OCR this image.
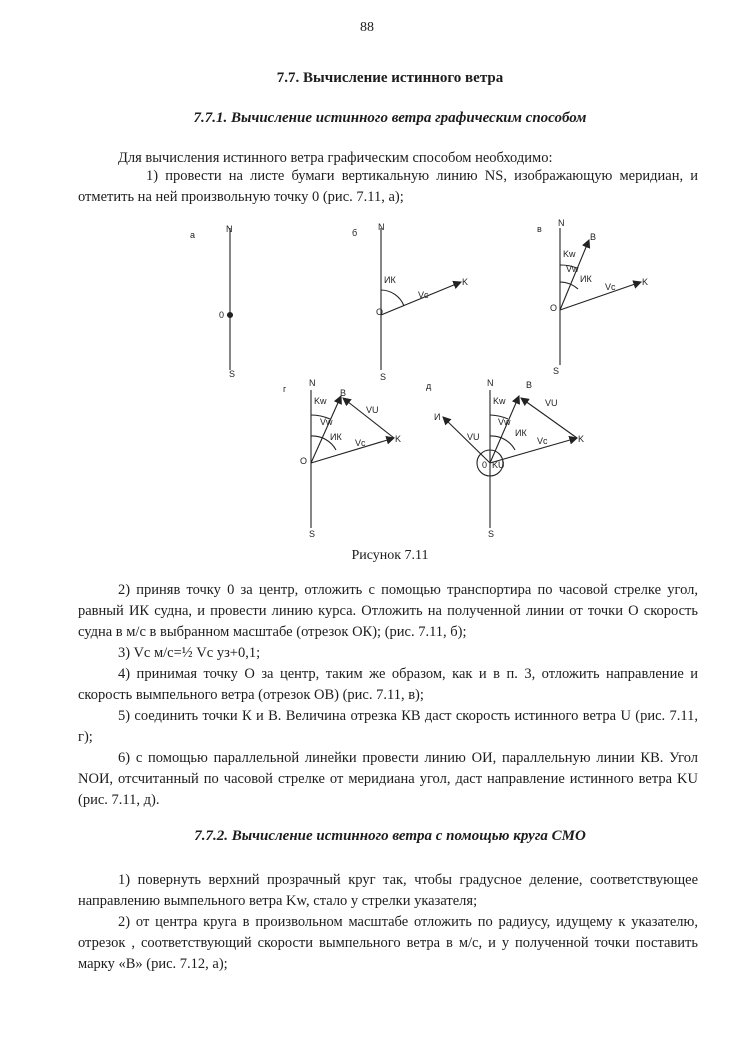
88
7.7. Вычисление истинного ветра
7.7.1. Вычисление истинного ветра графическим способом

Для вычисления истинного ветра графическим способом необходимо:

1) провести на листе бумаги вертикальную линию NS, изображающую меридиан, и отметить на ней произвольную точку 0 (рис. 7.11, а);

а
N
0
S
б
N
ИК
Vс
K
O
S
в
N
B
Kw
Vw
ИК
Vс	K
O
S
г
N
B
Kw
VU
Vw
ИК
Vс	K
O
S
д	N	B
И
Kw	VU
Vw
ИК
VU	Vс	K
0 KU
S
Рисунок 7.11

2) приняв точку 0 за центр, отложить с помощью транспортира по часовой стрелке угол, равный ИК судна, и провести линию курса. Отложить на полученной линии от точки О скорость судна в м/с в выбранном масштабе (отрезок ОК); (рис. 7.11, б);

3) Vc м/с=½ Vc уз+0,1;

4) принимая точку О за центр, таким же образом, как и в п. 3, отложить направление и скорость вымпельного ветра (отрезок ОВ) (рис. 7.11, в);

5) соединить точки К и В. Величина отрезка КВ даст скорость истинного ветра U (рис. 7.11, г);

6) с помощью параллельной линейки провести линию ОИ, параллельную линии КВ. Угол NOИ, отсчитанный по часовой стрелке от меридиана угол, даст направление истинного ветра KU (рис. 7.11, д).

7.7.2. Вычисление истинного ветра с помощью круга СМО

1) повернуть верхний прозрачный круг так, чтобы градусное деление, соответствующее направлению вымпельного ветра Kw, стало у стрелки указателя;

2) от центра круга в произвольном масштабе отложить по радиусу, идущему к указателю, отрезок , соответствующий скорости вымпельного ветра в м/с, и у полученной точки поставить марку «В» (рис. 7.12, а);
